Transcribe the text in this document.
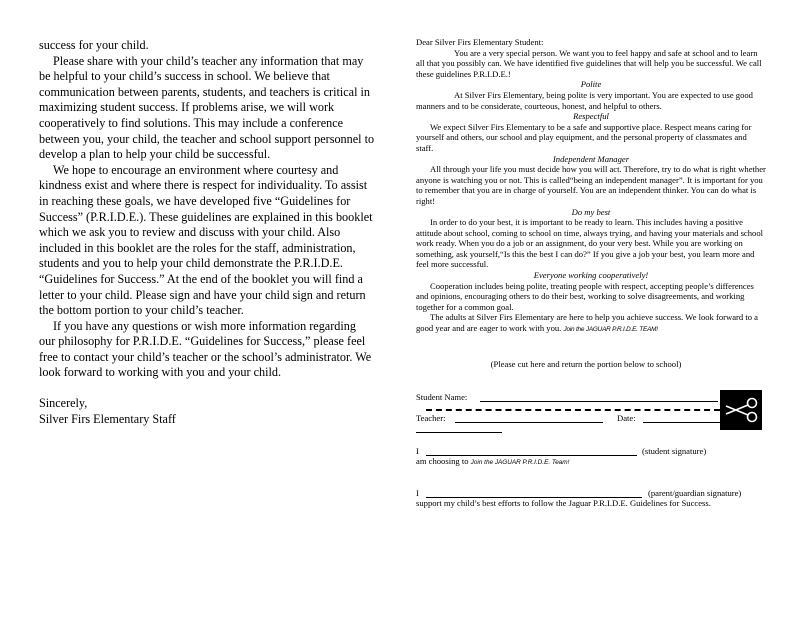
success for your child.

Please share with your child’s teacher any information that may be helpful to your child’s success in school. We believe that communication between parents, students, and teachers is critical in maximizing student success. If problems arise, we will work cooperatively to find solutions. This may include a conference between you, your child, the teacher and school support personnel to develop a plan to help your child be successful.

We hope to encourage an environment where courtesy and kindness exist and where there is respect for individuality. To assist in reaching these goals, we have developed five “Guidelines for Success” (P.R.I.D.E.). These guidelines are explained in this booklet which we ask you to review and discuss with your child. Also included in this booklet are the roles for the staff, administration, students and you to help your child demonstrate the P.R.I.D.E. “Guidelines for Success.” At the end of the booklet you will find a letter to your child. Please sign and have your child sign and return the bottom portion to your child’s teacher.

If you have any questions or wish more information regarding our philosophy for P.R.I.D.E. “Guidelines for Success,” please feel free to contact your child’s teacher or the school’s administrator. We look forward to working with you and your child.

Sincerely,

Silver Firs Elementary Staff

Dear Silver Firs Elementary Student:

You are a very special person. We want you to feel happy and safe at school and to learn all that you possibly can. We have identified five guidelines that will help you be successful. We call these guidelines P.R.I.D.E.!

Polite

At Silver Firs Elementary, being polite is very important. You are expected to use good manners and to be considerate, courteous, honest, and helpful to others.

Respectful

We expect Silver Firs Elementary to be a safe and supportive place. Respect means caring for yourself and others, our school and play equipment, and the personal property of classmates and staff.

Independent Manager

All through your life you must decide how you will act. Therefore, try to do what is right whether anyone is watching you or not. This is called“being an independent manager”. It is important for you to remember that you are in charge of yourself. You are an independent thinker. You can do what is right!

Do my best

In order to do your best, it is important to be ready to learn. This includes having a positive attitude about school, coming to school on time, always trying, and having your materials and school work ready. When you do a job or an assignment, do your very best. While you are working on something, ask yourself,“Is this the best I can do?” If you give a job your best, you learn more and feel more successful.

Everyone working cooperatively!

Cooperation includes being polite, treating people with respect, accepting people’s differences and opinions, encouraging others to do their best, working to solve disagreements, and working together for a common goal.

The adults at Silver Firs Elementary are here to help you achieve success. We look forward to a good year and are eager to work with you. Join the JAGUAR P.R.I.D.E. TEAM!

(Please cut here and return the portion below to school)
Student Name:
Teacher:	Date:
I	(student signature)
am choosing to Join the JAGUAR P.R.I.D.E. Team!
I	(parent/guardian signature)
support my child’s best efforts to follow the Jaguar P.R.I.D.E. Guidelines for Success.
